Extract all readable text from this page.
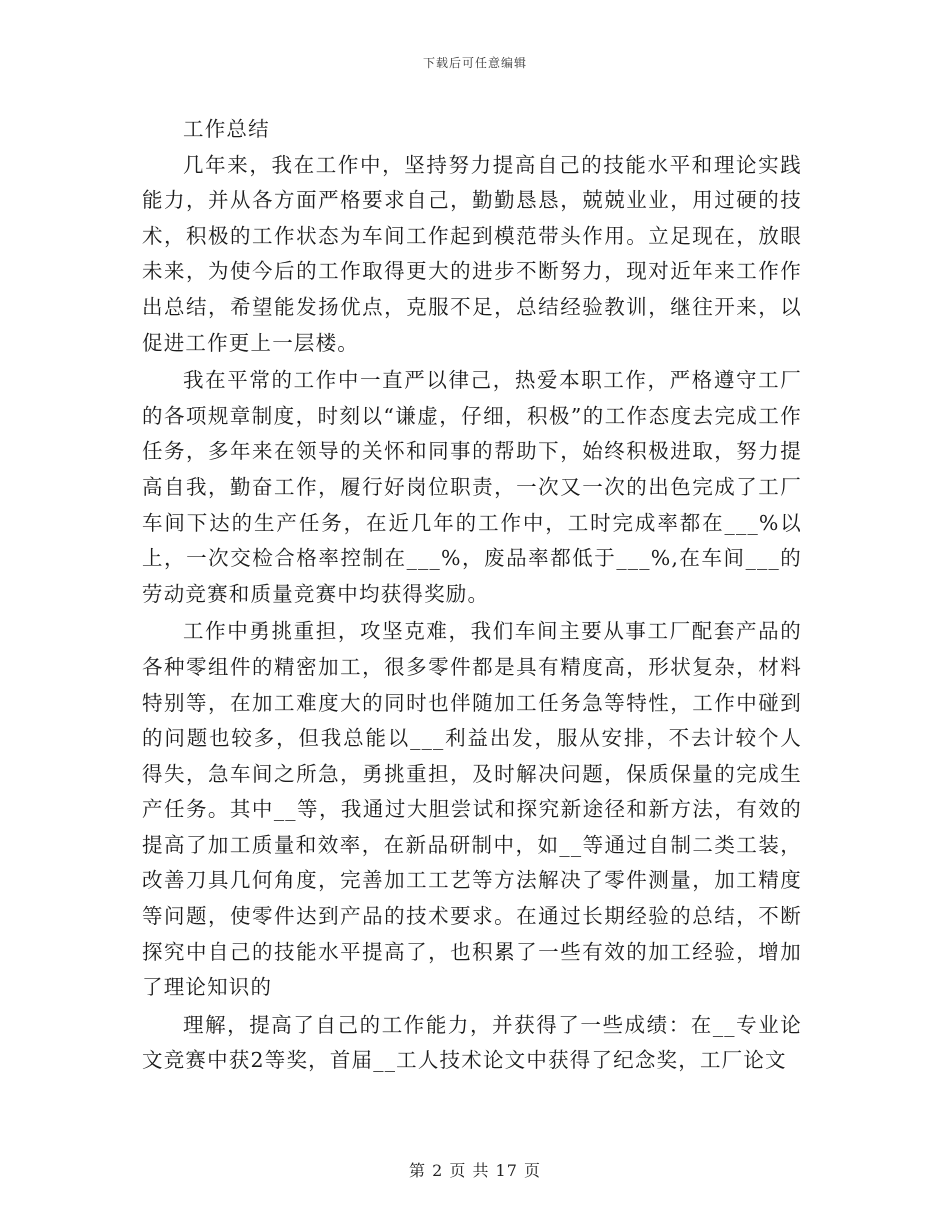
下载后可任意编辑

工作总结

几年来，我在工作中，坚持努力提高自己的技能水平和理论实践能力，并从各方面严格要求自己，勤勤恳恳，兢兢业业，用过硬的技术，积极的工作状态为车间工作起到模范带头作用。立足现在，放眼未来，为使今后的工作取得更大的进步不断努力，现对近年来工作作出总结，希望能发扬优点，克服不足，总结经验教训，继往开来，以促进工作更上一层楼。

我在平常的工作中一直严以律己，热爱本职工作，严格遵守工厂的各项规章制度，时刻以“谦虚，仔细，积极”的工作态度去完成工作任务，多年来在领导的关怀和同事的帮助下，始终积极进取，努力提高自我，勤奋工作，履行好岗位职责，一次又一次的出色完成了工厂车间下达的生产任务，在近几年的工作中，工时完成率都在___%以上，一次交检合格率控制在___%，废品率都低于___%,在车间___的劳动竞赛和质量竞赛中均获得奖励。

工作中勇挑重担，攻坚克难，我们车间主要从事工厂配套产品的各种零组件的精密加工，很多零件都是具有精度高，形状复杂，材料特别等，在加工难度大的同时也伴随加工任务急等特性，工作中碰到的问题也较多，但我总能以___利益出发，服从安排，不去计较个人得失，急车间之所急，勇挑重担，及时解决问题，保质保量的完成生产任务。其中__等，我通过大胆尝试和探究新途径和新方法，有效的提高了加工质量和效率，在新品研制中，如__等通过自制二类工装，改善刀具几何角度，完善加工工艺等方法解决了零件测量，加工精度等问题，使零件达到产品的技术要求。在通过长期经验的总结，不断探究中自己的技能水平提高了，也积累了一些有效的加工经验，增加了理论知识的

理解，提高了自己的工作能力，并获得了一些成绩：在__专业论文竞赛中获2等奖，首届__工人技术论文中获得了纪念奖，工厂论文

第 2 页 共 17 页
